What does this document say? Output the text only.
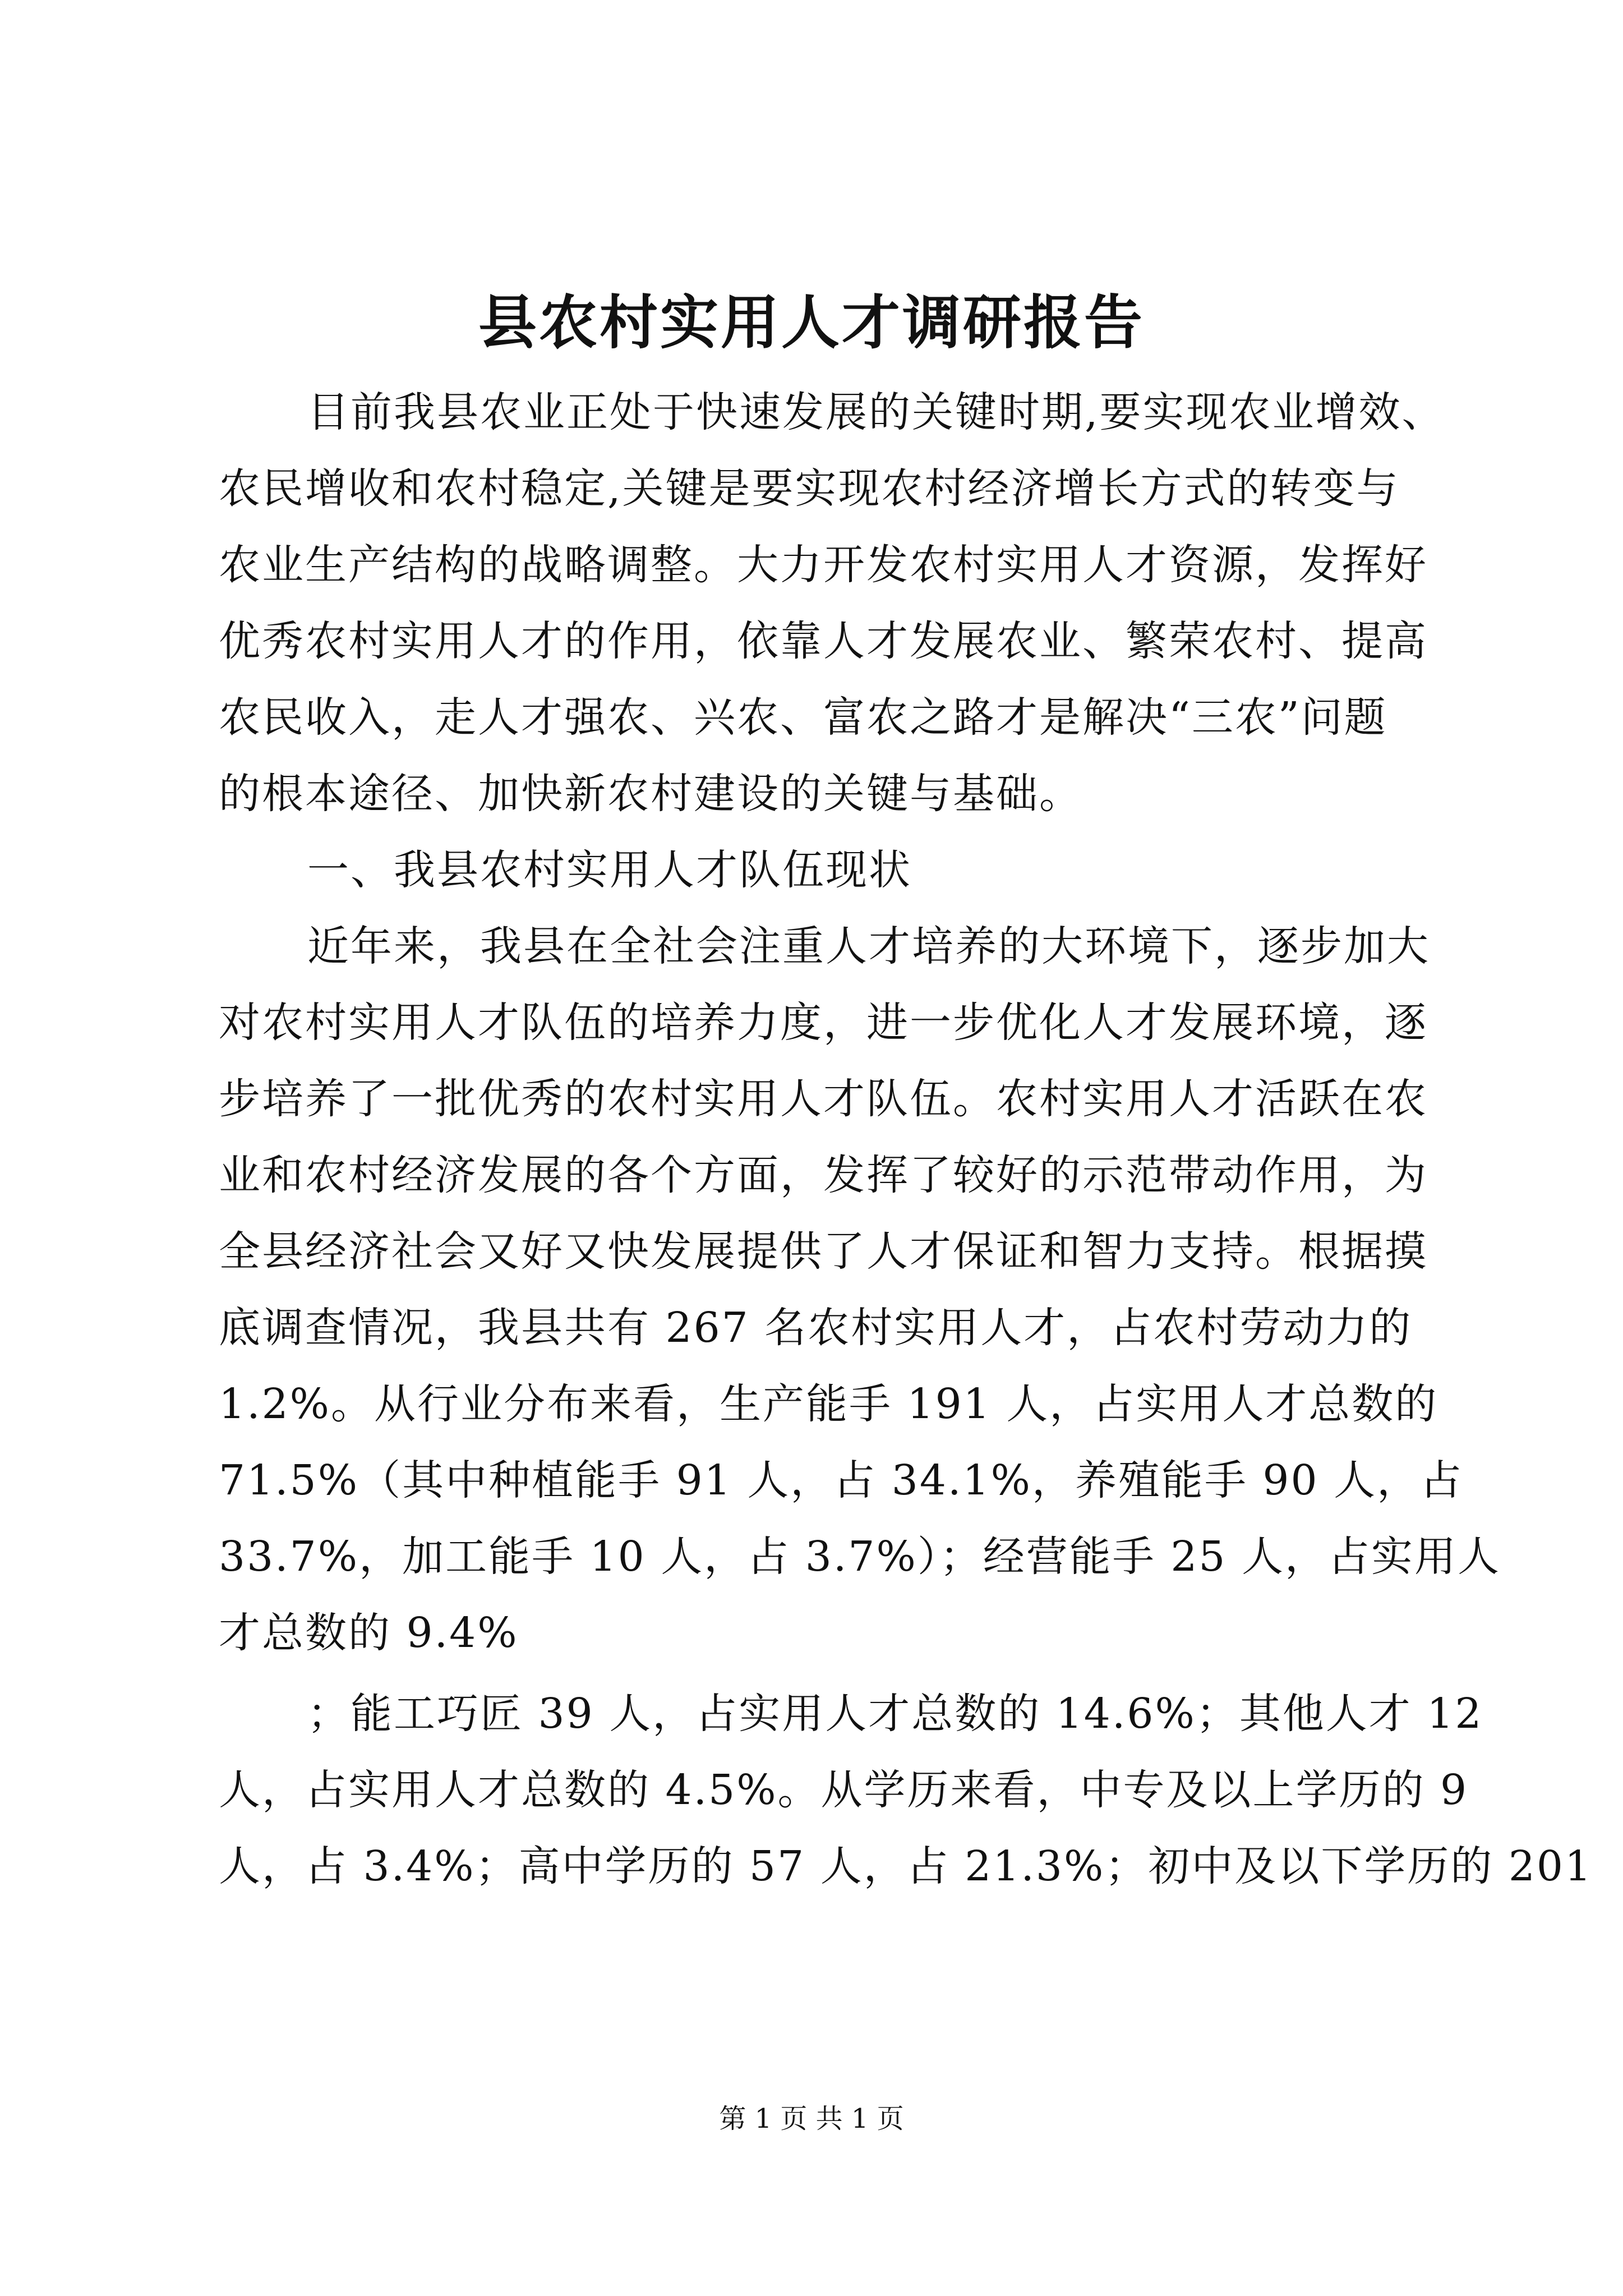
县农村实用人才调研报告
目前我县农业正处于快速发展的关键时期,要实现农业增效、
农民增收和农村稳定,关键是要实现农村经济增长方式的转变与
农业生产结构的战略调整。大力开发农村实用人才资源，发挥好
优秀农村实用人才的作用，依靠人才发展农业、繁荣农村、提高
农民收入，走人才强农、兴农、富农之路才是解决“三农”问题
的根本途径、加快新农村建设的关键与基础。
一、我县农村实用人才队伍现状
近年来，我县在全社会注重人才培养的大环境下，逐步加大
对农村实用人才队伍的培养力度，进一步优化人才发展环境，逐
步培养了一批优秀的农村实用人才队伍。农村实用人才活跃在农
业和农村经济发展的各个方面，发挥了较好的示范带动作用，为
全县经济社会又好又快发展提供了人才保证和智力支持。根据摸
底调查情况，我县共有 267 名农村实用人才，占农村劳动力的
1.2%。从行业分布来看，生产能手 191 人，占实用人才总数的
71.5%（其中种植能手 91 人，占 34.1%，养殖能手 90 人，占
33.7%，加工能手 10 人，占 3.7%）；经营能手 25 人，占实用人
才总数的 9.4%
；能工巧匠 39 人，占实用人才总数的 14.6%；其他人才 12
人，占实用人才总数的 4.5%。从学历来看，中专及以上学历的 9
人，占 3.4%；高中学历的 57 人，占 21.3%；初中及以下学历的 201
第 1 页 共 1 页
